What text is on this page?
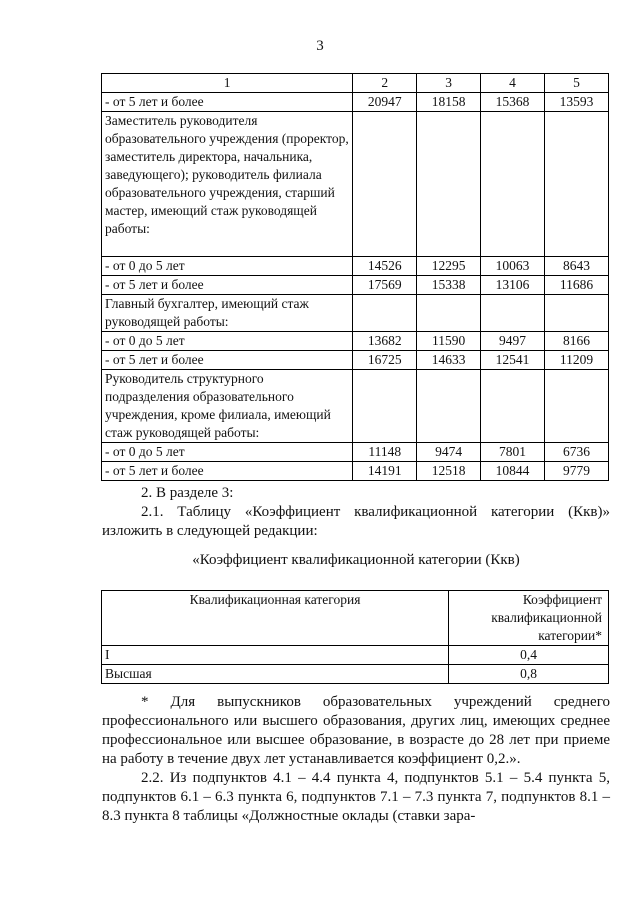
3
1	2	3	4	5
- от 5 лет и более	20947	18158	15368	13593
Заместитель руководителя образовательного учреждения (проректор, заместитель директора, начальника, заведующего); руководитель филиала образовательного учреждения, старший мастер, имеющий стаж руководящей работы:				
- от 0 до 5 лет	14526	12295	10063	8643
- от 5 лет и более	17569	15338	13106	11686
Главный бухгалтер, имеющий стаж руководящей работы:				
- от 0 до 5 лет	13682	11590	9497	8166
- от 5 лет и более	16725	14633	12541	11209
Руководитель структурного подразделения образовательного учреждения, кроме филиала, имеющий стаж руководящей работы:				
- от 0 до 5 лет	11148	9474	7801	6736
- от 5 лет и более	14191	12518	10844	9779

2. В разделе 3:

2.1. Таблицу «Коэффициент квалификационной категории (Ккв)» изложить в следующей редакции:

«Коэффициент квалификационной категории (Ккв)

Квалификационная категория	Коэффициент квалификационной категории*
I	0,4
Высшая	0,8

* Для выпускников образовательных учреждений среднего профессионального или высшего образования, других лиц, имеющих среднее профессиональное или высшее образование, в возрасте до 28 лет при приеме на работу в течение двух лет устанавливается коэффициент 0,2.».

2.2. Из подпунктов 4.1 – 4.4 пункта 4, подпунктов 5.1 – 5.4 пункта 5, подпунктов 6.1 – 6.3 пункта 6, подпунктов 7.1 – 7.3 пункта 7, подпунктов 8.1 – 8.3 пункта 8 таблицы «Должностные оклады (ставки зара-
